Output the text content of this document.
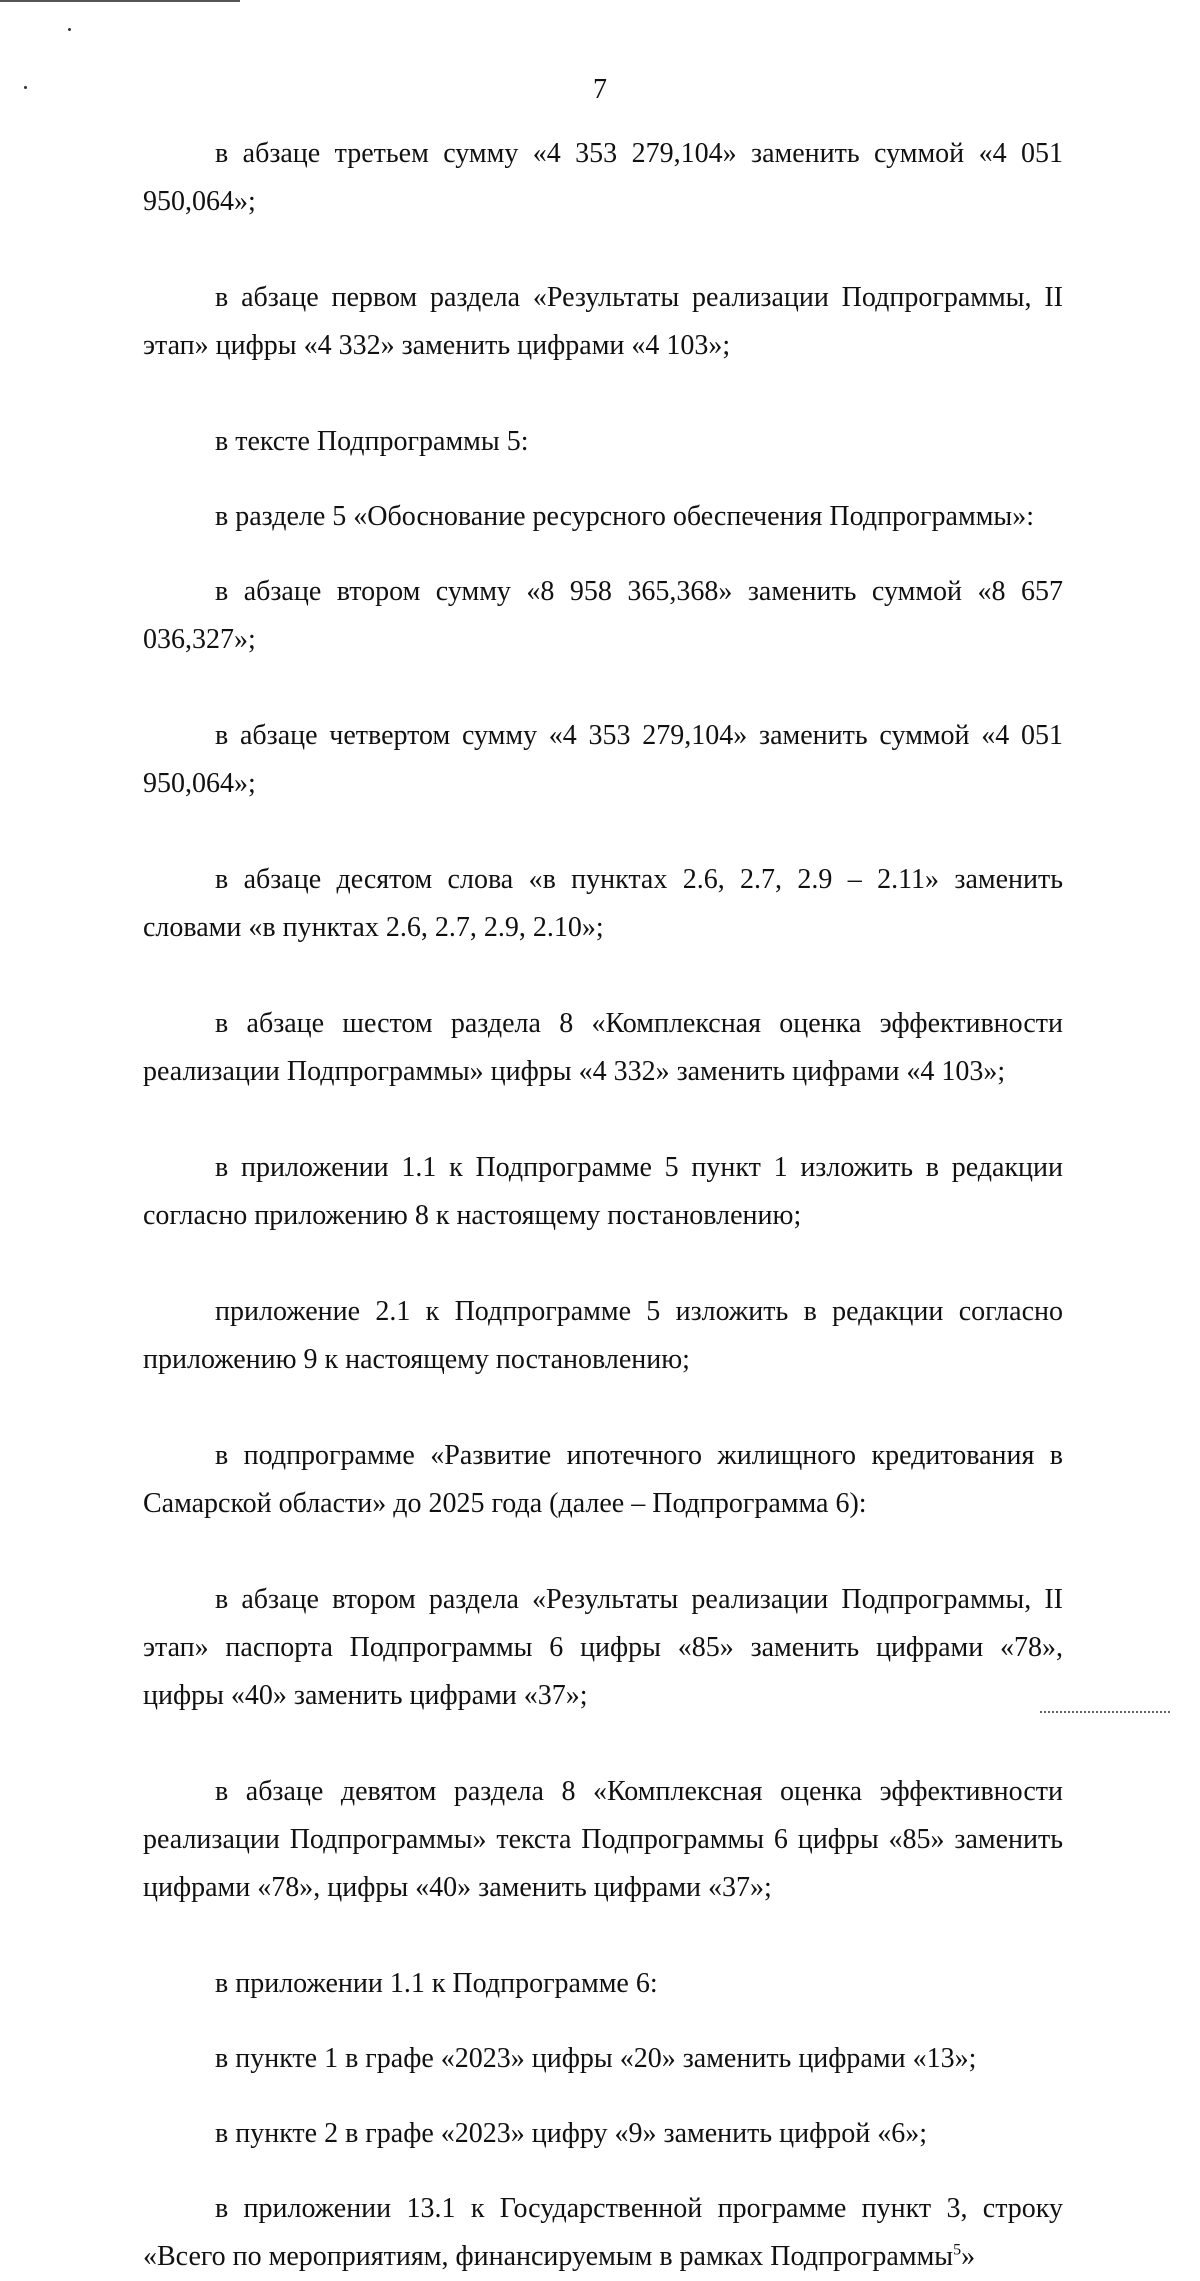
7

в абзаце третьем сумму «4 353 279,104» заменить суммой «4 051 950,064»;

в абзаце первом раздела «Результаты реализации Подпрограммы, II этап» цифры «4 332» заменить цифрами «4 103»;

в тексте Подпрограммы 5:

в разделе 5 «Обоснование ресурсного обеспечения Подпрограммы»:

в абзаце втором сумму «8 958 365,368» заменить суммой «8 657 036,327»;

в абзаце четвертом сумму «4 353 279,104» заменить суммой «4 051 950,064»;

в абзаце десятом слова «в пунктах 2.6, 2.7, 2.9 – 2.11» заменить словами «в пунктах 2.6, 2.7, 2.9, 2.10»;

в абзаце шестом раздела 8 «Комплексная оценка эффективности реализации Подпрограммы» цифры «4 332» заменить цифрами «4 103»;

в приложении 1.1 к Подпрограмме 5 пункт 1 изложить в редакции согласно приложению 8 к настоящему постановлению;

приложение 2.1 к Подпрограмме 5 изложить в редакции согласно приложению 9 к настоящему постановлению;

в подпрограмме «Развитие ипотечного жилищного кредитования в Самарской области» до 2025 года (далее – Подпрограмма 6):

в абзаце втором раздела «Результаты реализации Подпрограммы, II этап» паспорта Подпрограммы 6 цифры «85» заменить цифрами «78», цифры «40» заменить цифрами «37»;

в абзаце девятом раздела 8 «Комплексная оценка эффективности реализации Подпрограммы» текста Подпрограммы 6 цифры «85» заменить цифрами «78», цифры «40» заменить цифрами «37»;

в приложении 1.1 к Подпрограмме 6:

в пункте 1 в графе «2023» цифры «20» заменить цифрами «13»;

в пункте 2 в графе «2023» цифру «9» заменить цифрой «6»;

в приложении 13.1 к Государственной программе пункт 3, строку «Всего по мероприятиям, финансируемым в рамках Подпрограммы$^5$»
